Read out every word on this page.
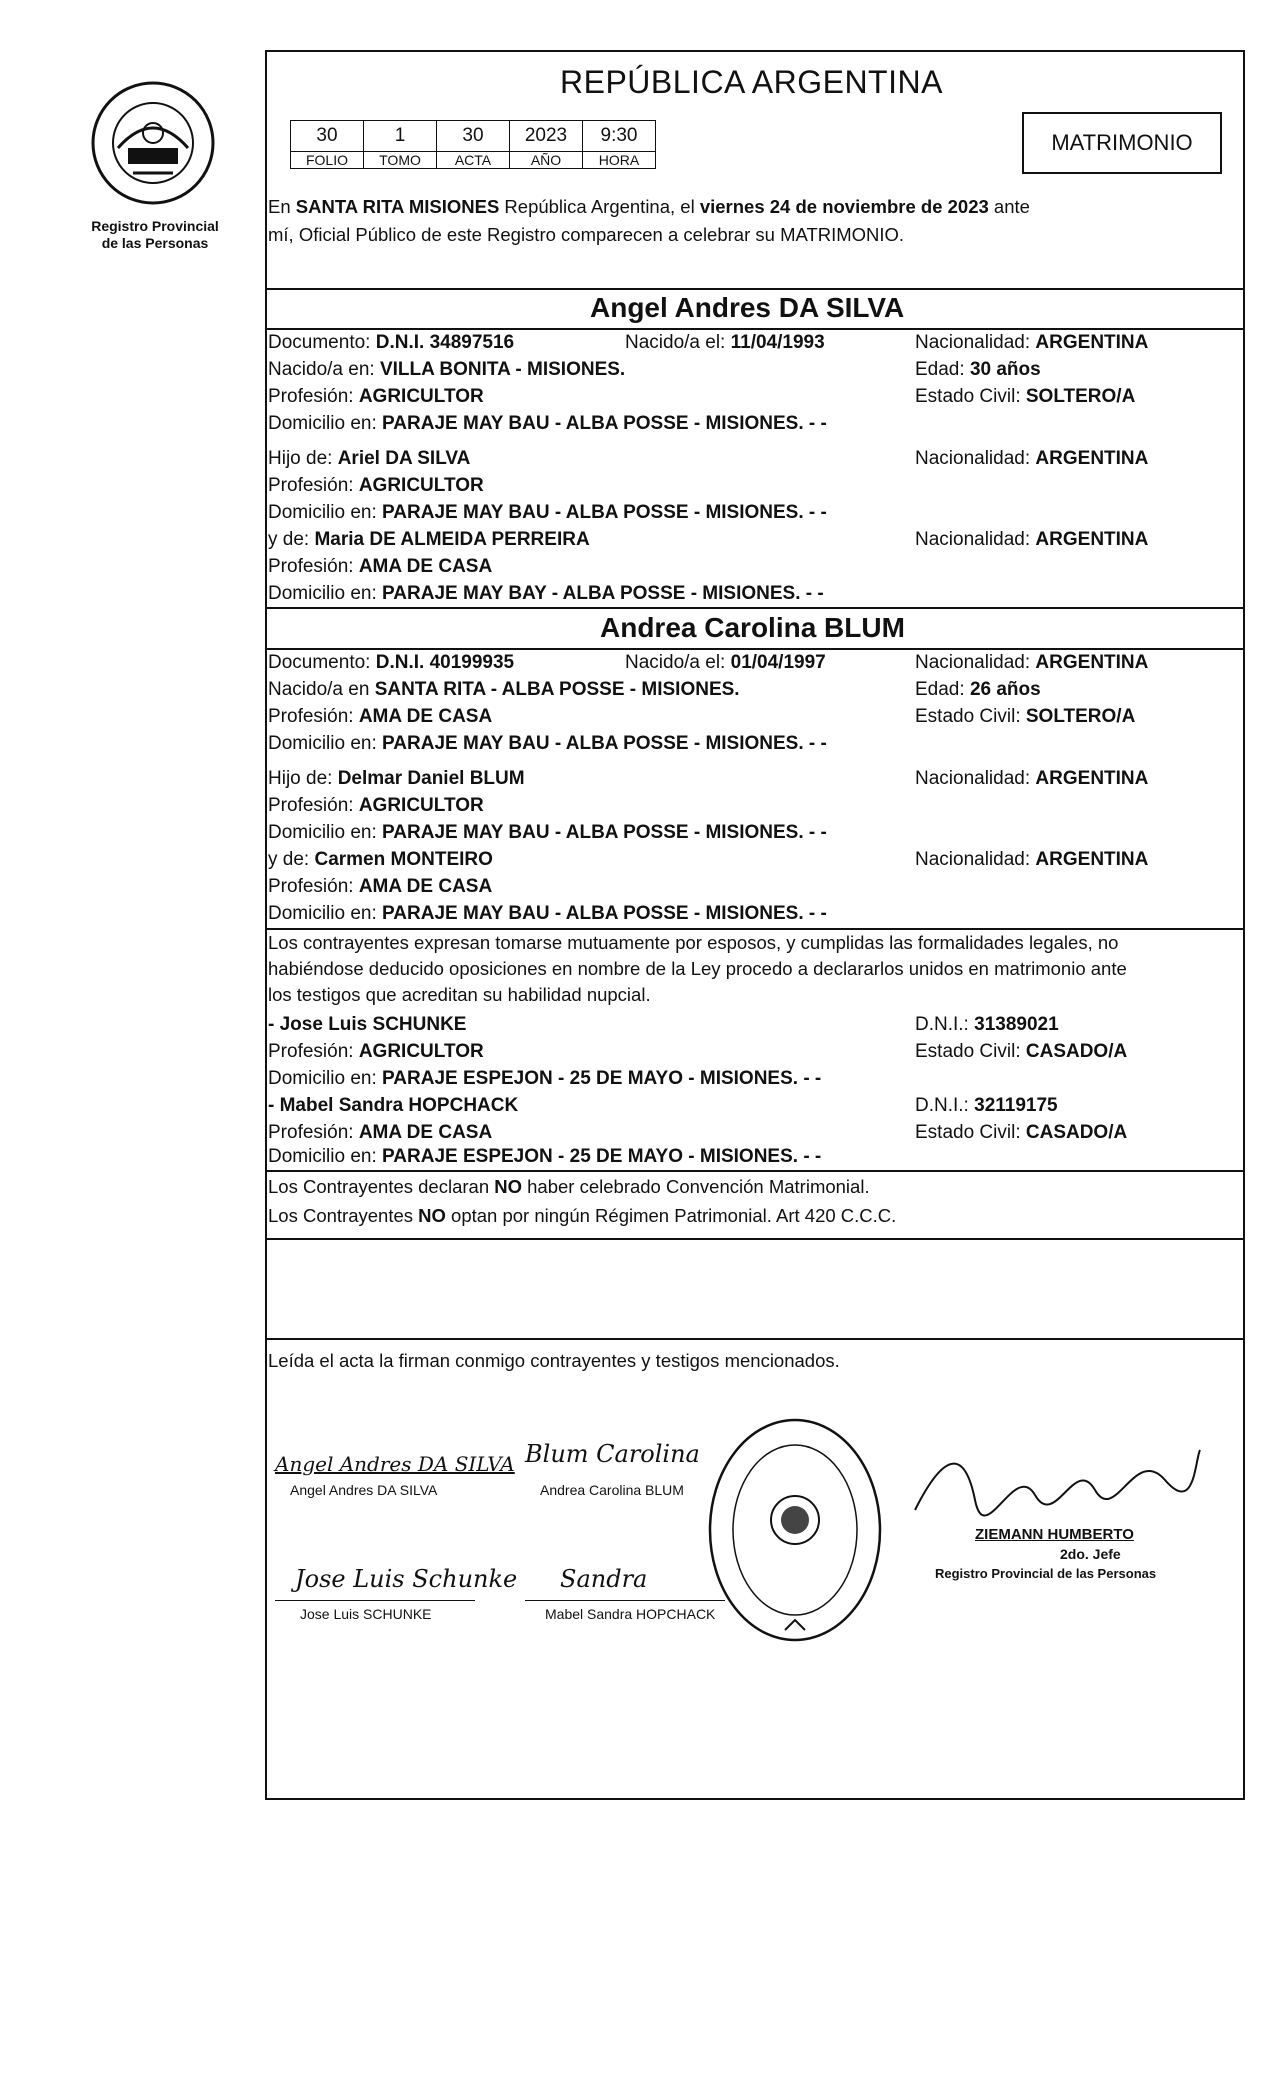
Registro Provincial
de las Personas
REPÚBLICA ARGENTINA
30	1	30	2023	9:30
FOLIO	TOMO	ACTA	AÑO	HORA
MATRIMONIO
En SANTA RITA MISIONES República Argentina, el viernes 24 de noviembre de 2023 ante
mí, Oficial Público de este Registro comparecen a celebrar su MATRIMONIO.
Angel Andres DA SILVA
Documento: D.N.I. 34897516	Nacido/a el: 11/04/1993	Nacionalidad: ARGENTINA
Nacido/a en: VILLA BONITA - MISIONES.	Edad: 30 años
Profesión: AGRICULTOR	Estado Civil: SOLTERO/A
Domicilio en: PARAJE MAY BAU - ALBA POSSE - MISIONES. - -
Hijo de: Ariel DA SILVA	Nacionalidad: ARGENTINA
Profesión: AGRICULTOR
Domicilio en: PARAJE MAY BAU - ALBA POSSE - MISIONES. - -
y de: Maria DE ALMEIDA PERREIRA	Nacionalidad: ARGENTINA
Profesión: AMA DE CASA
Domicilio en: PARAJE MAY BAY - ALBA POSSE - MISIONES. - -
Andrea Carolina BLUM
Documento: D.N.I. 40199935	Nacido/a el: 01/04/1997	Nacionalidad: ARGENTINA
Nacido/a en SANTA RITA - ALBA POSSE - MISIONES.	Edad: 26 años
Profesión: AMA DE CASA	Estado Civil: SOLTERO/A
Domicilio en: PARAJE MAY BAU - ALBA POSSE - MISIONES. - -
Hijo de: Delmar Daniel BLUM	Nacionalidad: ARGENTINA
Profesión: AGRICULTOR
Domicilio en: PARAJE MAY BAU - ALBA POSSE - MISIONES. - -
y de: Carmen MONTEIRO	Nacionalidad: ARGENTINA
Profesión: AMA DE CASA
Domicilio en: PARAJE MAY BAU - ALBA POSSE - MISIONES. - -
Los contrayentes expresan tomarse mutuamente por esposos, y cumplidas las formalidades legales, no
habiéndose deducido oposiciones en nombre de la Ley procedo a declararlos unidos en matrimonio ante
los testigos que acreditan su habilidad nupcial.
- Jose Luis SCHUNKE	D.N.I.: 31389021
Profesión: AGRICULTOR	Estado Civil: CASADO/A
Domicilio en: PARAJE ESPEJON - 25 DE MAYO - MISIONES. - -
- Mabel Sandra HOPCHACK	D.N.I.: 32119175
Profesión: AMA DE CASA	Estado Civil: CASADO/A
Domicilio en: PARAJE ESPEJON - 25 DE MAYO - MISIONES. - -
Los Contrayentes declaran NO haber celebrado Convención Matrimonial.
Los Contrayentes NO optan por ningún Régimen Patrimonial. Art 420 C.C.C.
Leída el acta la firman conmigo contrayentes y testigos mencionados.
Angel Andres DA SILVA
Angel Andres DA SILVA
Blum Carolina
Andrea Carolina BLUM
Jose Luis Schunke
Jose Luis SCHUNKE
Sandra
Mabel Sandra HOPCHACK
ZIEMANN HUMBERTO
2do. Jefe
Registro Provincial de las Personas
